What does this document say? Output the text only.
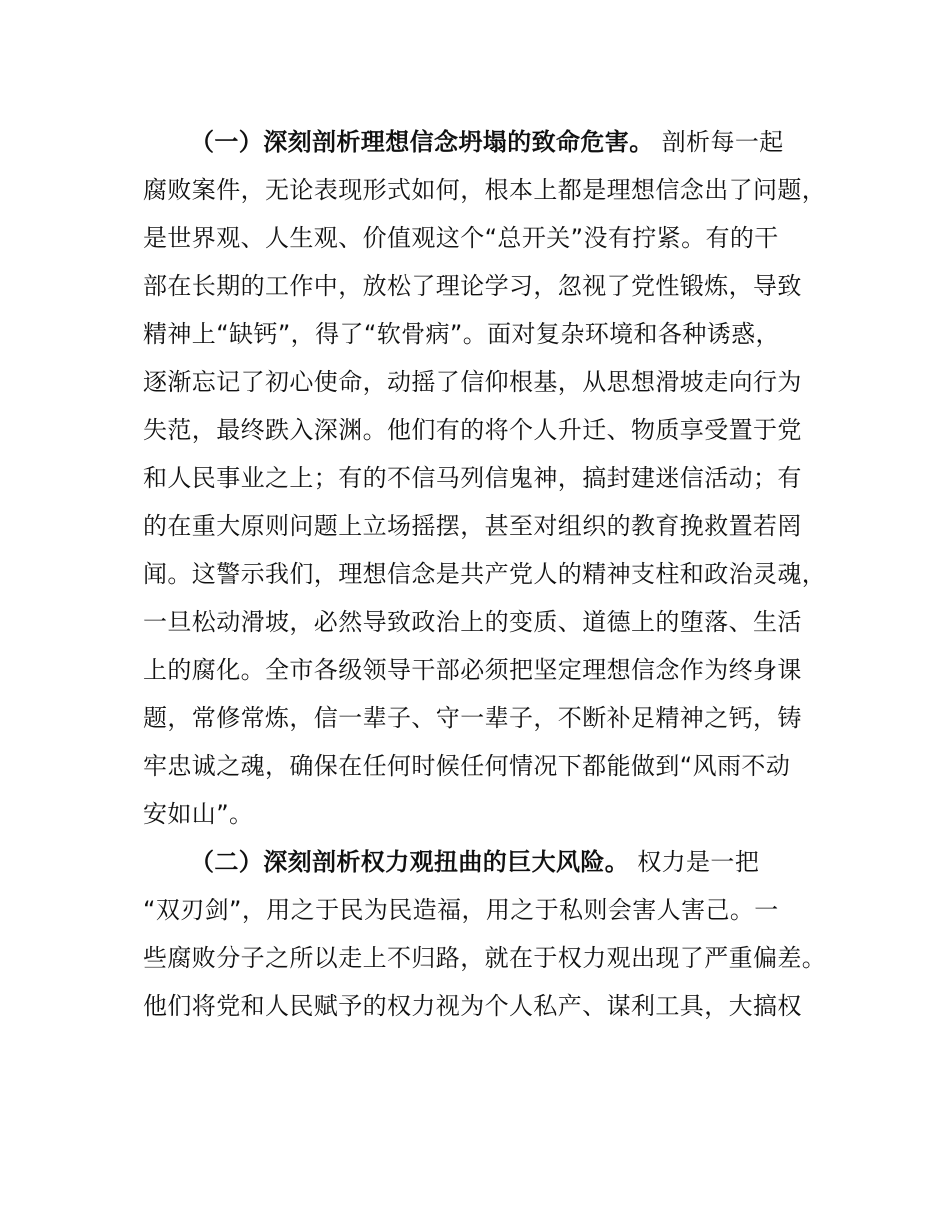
（一）深刻剖析理想信念坍塌的致命危害。 剖析每一起
腐败案件，无论表现形式如何，根本上都是理想信念出了问题，
是世界观、人生观、价值观这个“总开关”没有拧紧。有的干
部在长期的工作中，放松了理论学习，忽视了党性锻炼，导致
精神上“缺钙”，得了“软骨病”。面对复杂环境和各种诱惑，
逐渐忘记了初心使命，动摇了信仰根基，从思想滑坡走向行为
失范，最终跌入深渊。他们有的将个人升迁、物质享受置于党
和人民事业之上；有的不信马列信鬼神，搞封建迷信活动；有
的在重大原则问题上立场摇摆，甚至对组织的教育挽救置若罔
闻。这警示我们，理想信念是共产党人的精神支柱和政治灵魂，
一旦松动滑坡，必然导致政治上的变质、道德上的堕落、生活
上的腐化。全市各级领导干部必须把坚定理想信念作为终身课
题，常修常炼，信一辈子、守一辈子，不断补足精神之钙，铸
牢忠诚之魂，确保在任何时候任何情况下都能做到“风雨不动
安如山”。
（二）深刻剖析权力观扭曲的巨大风险。 权力是一把
“双刃剑”，用之于民为民造福，用之于私则会害人害己。一
些腐败分子之所以走上不归路，就在于权力观出现了严重偏差。
他们将党和人民赋予的权力视为个人私产、谋利工具，大搞权
